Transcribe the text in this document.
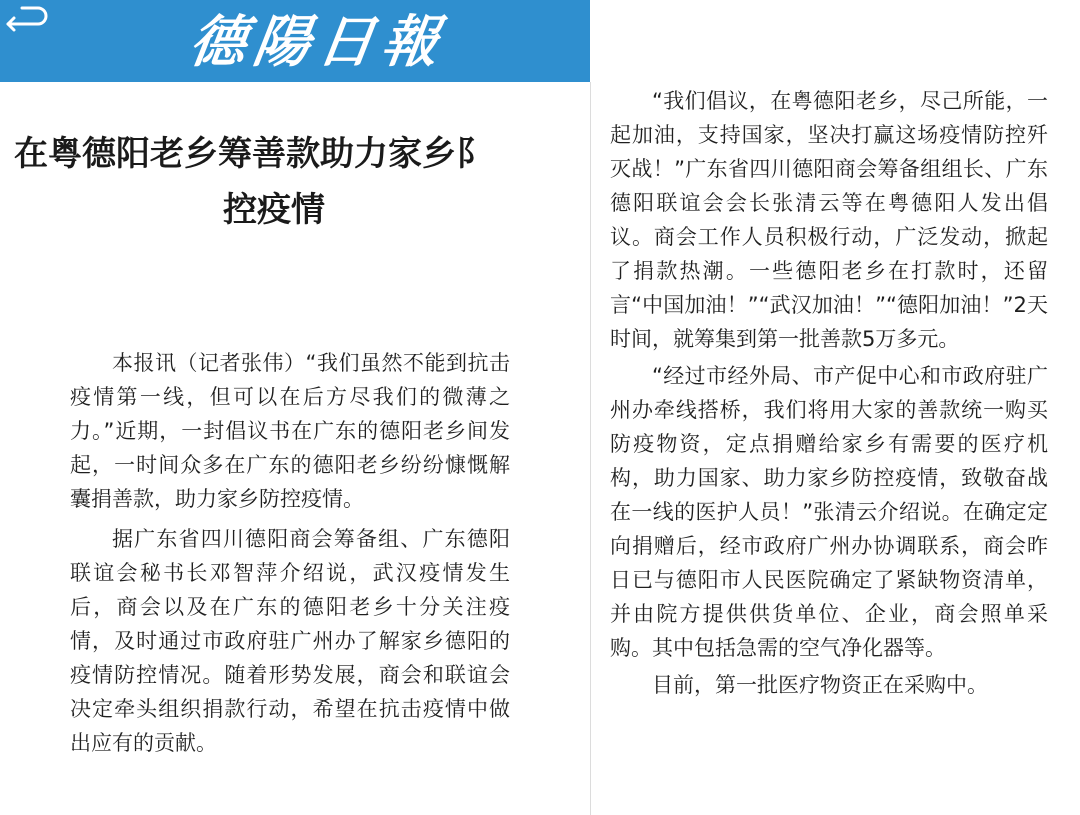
德陽日報
在粤德阳老乡筹善款助力家乡阝
控疫情

本报讯（记者张伟）“我们虽然不能到抗击疫情第一线，但可以在后方尽我们的微薄之力。”近期，一封倡议书在广东的德阳老乡间发起，一时间众多在广东的德阳老乡纷纷慷慨解囊捐善款，助力家乡防控疫情。

据广东省四川德阳商会筹备组、广东德阳联谊会秘书长邓智萍介绍说，武汉疫情发生后，商会以及在广东的德阳老乡十分关注疫情，及时通过市政府驻广州办了解家乡德阳的疫情防控情况。随着形势发展，商会和联谊会决定牵头组织捐款行动，希望在抗击疫情中做出应有的贡献。

“我们倡议，在粤德阳老乡，尽己所能，一起加油，支持国家，坚决打赢这场疫情防控歼灭战！”广东省四川德阳商会筹备组组长、广东德阳联谊会会长张清云等在粤德阳人发出倡议。商会工作人员积极行动，广泛发动，掀起了捐款热潮。一些德阳老乡在打款时，还留言“中国加油！”“武汉加油！”“德阳加油！”2天时间，就筹集到第一批善款5万多元。

“经过市经外局、市产促中心和市政府驻广州办牵线搭桥，我们将用大家的善款统一购买防疫物资，定点捐赠给家乡有需要的医疗机构，助力国家、助力家乡防控疫情，致敬奋战在一线的医护人员！”张清云介绍说。在确定定向捐赠后，经市政府广州办协调联系，商会昨日已与德阳市人民医院确定了紧缺物资清单，并由院方提供供货单位、企业，商会照单采购。其中包括急需的空气净化器等。

目前，第一批医疗物资正在采购中。
